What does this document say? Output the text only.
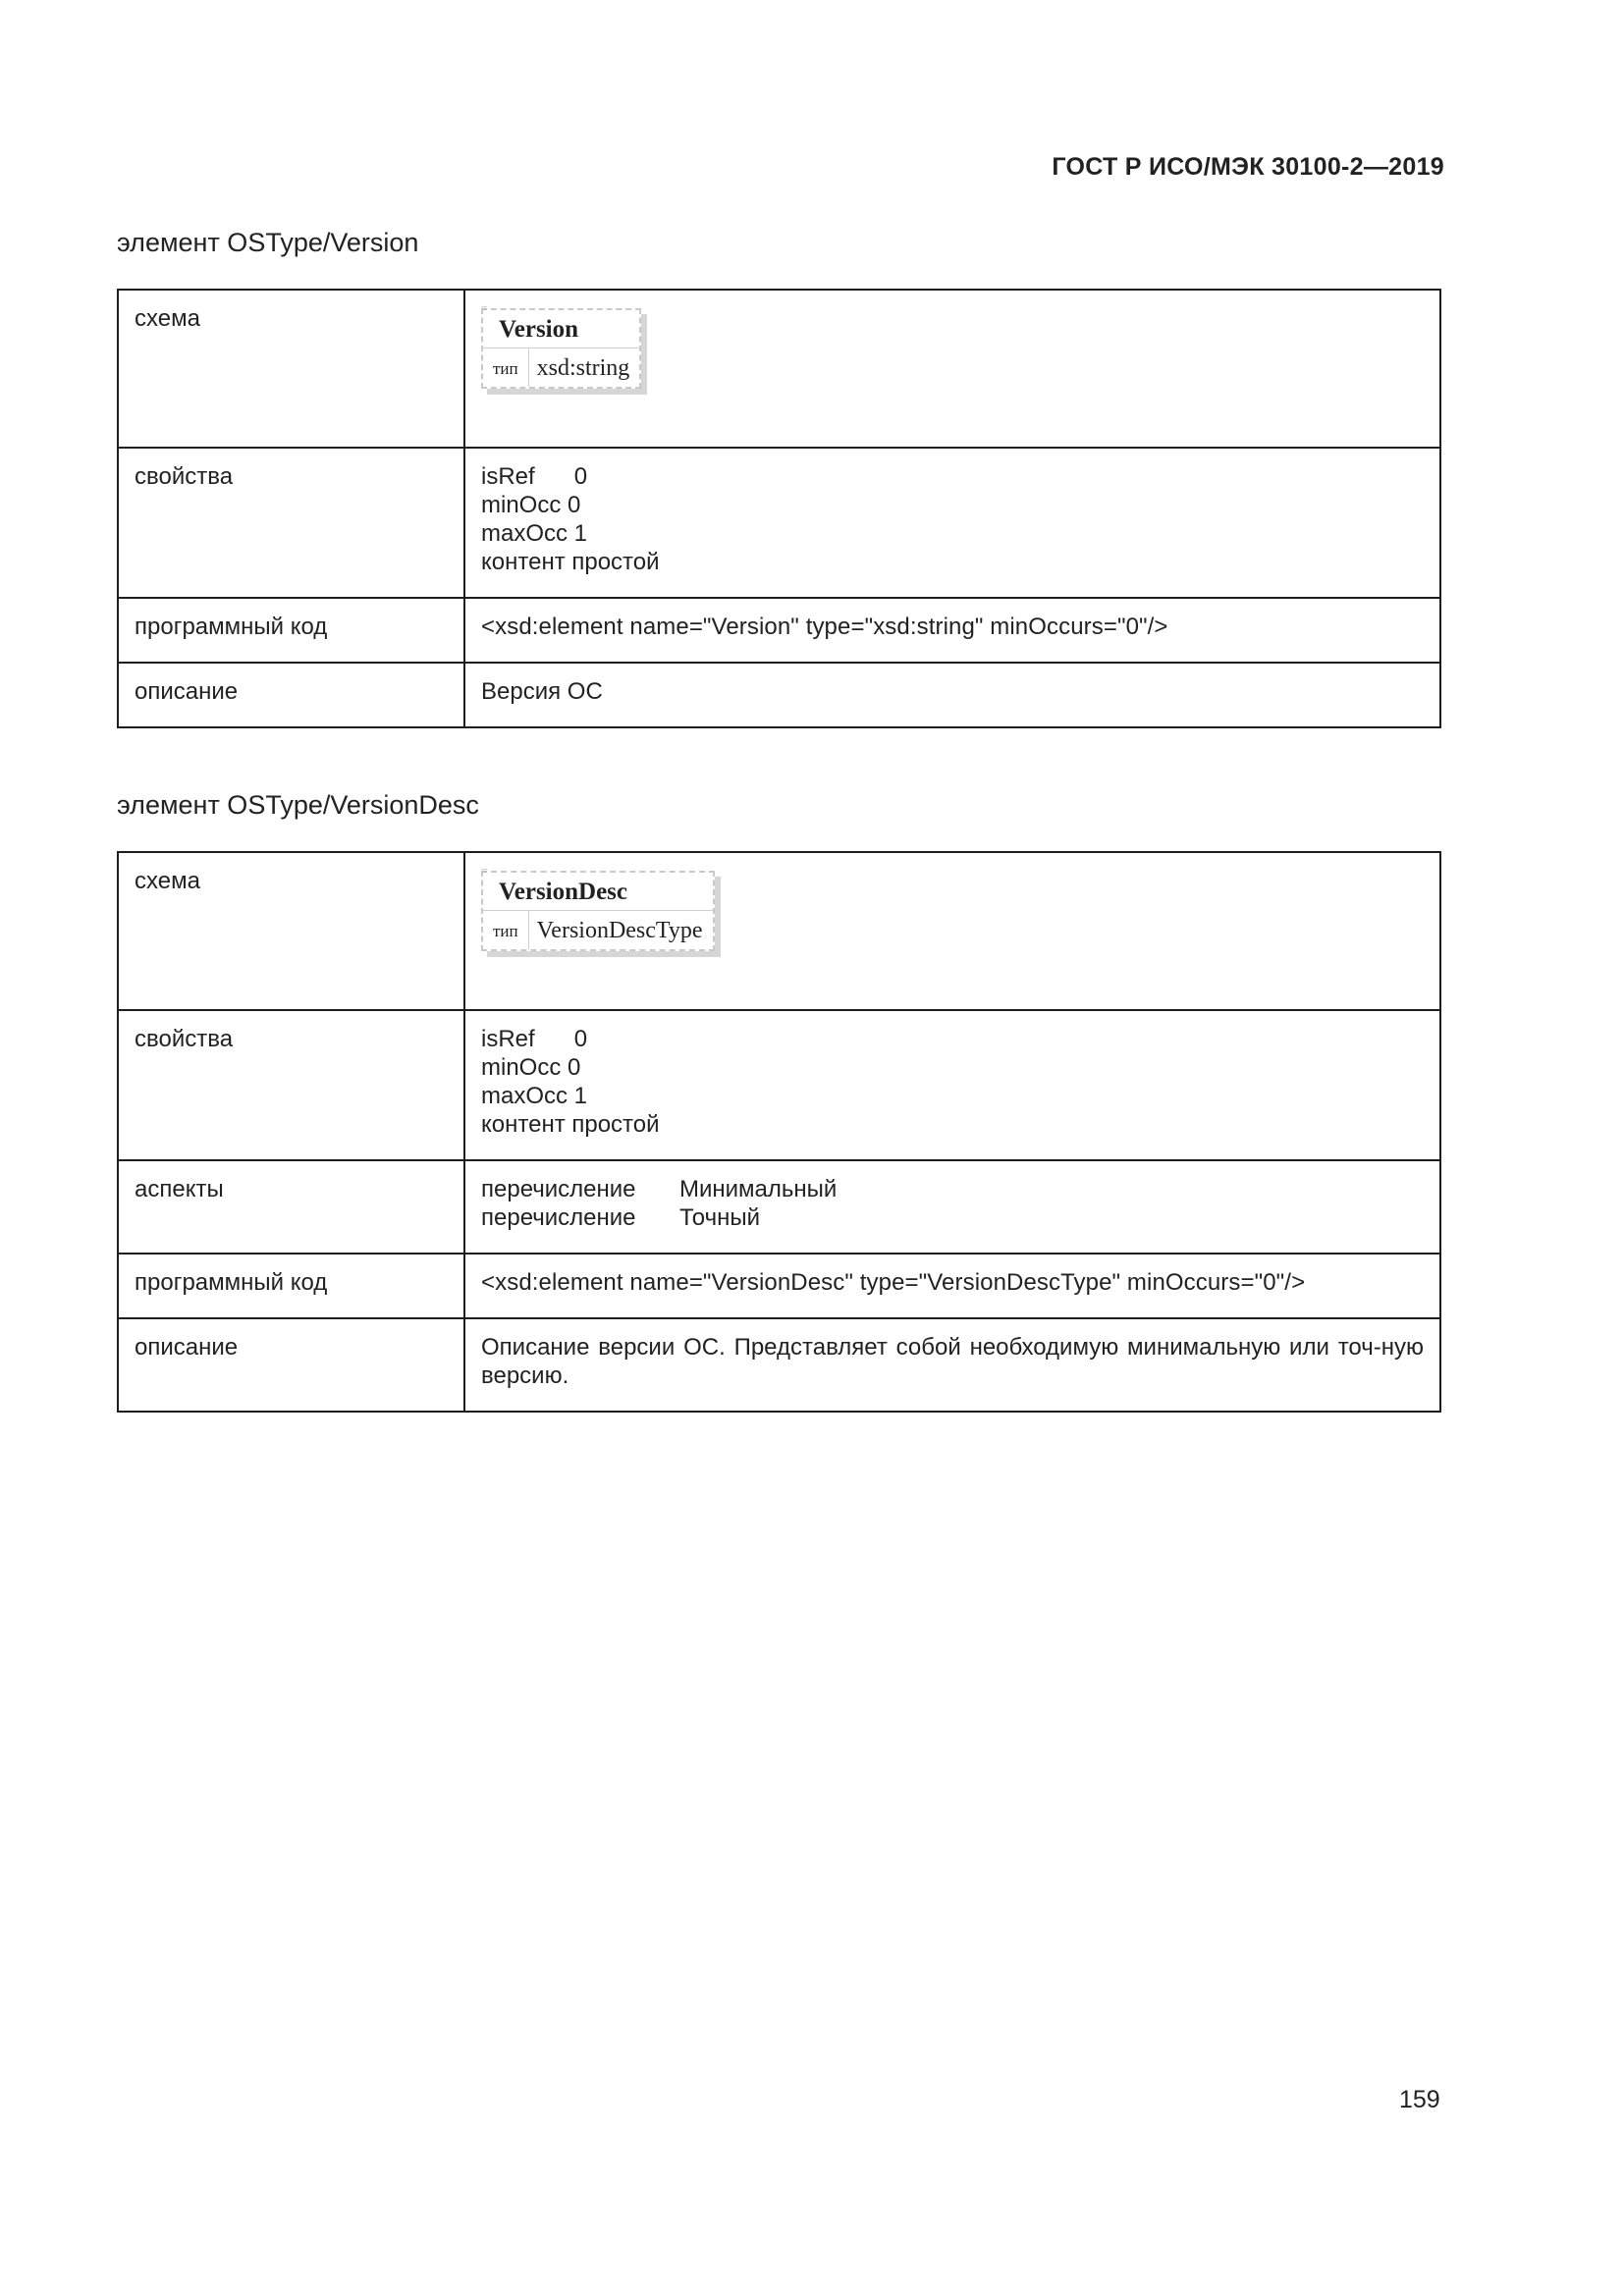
ГОСТ Р ИСО/МЭК 30100-2—2019
элемент OSType/Version
схема	≡
Version
тип xsd:string

свойства	isRef      0
minOcc 0
maxOcc 1
контент простой

программный код	<xsd:element name="Version" type="xsd:string" minOccurs="0"/>
описание	Версия ОС
элемент OSType/VersionDesc
схема	≡
VersionDesc
тип VersionDescType

свойства	isRef      0
minOcc 0
maxOcc 1
контент простой

аспекты	перечисление Минимальный
перечисление Точный

программный код	<xsd:element name="VersionDesc" type="VersionDescType" minOccurs="0"/>
описание	Описание версии ОС. Представляет собой необходимую минимальную или точ-ную версию.
159
